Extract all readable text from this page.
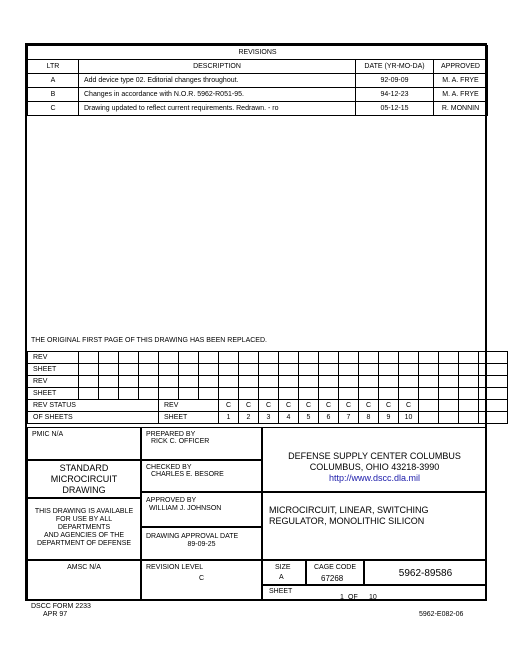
REVISIONS			
LTR	DESCRIPTION	DATE (YR-MO-DA)	APPROVED
A	Add device type 02. Editorial changes throughout.	92-09-09	M. A. FRYE
B	Changes in accordance with N.O.R. 5962-R051-95.	94-12-23	M. A. FRYE
C	Drawing updated to reflect current requirements. Redrawn. - ro	05-12-15	R. MONNIN
THE ORIGINAL FIRST PAGE OF THIS DRAWING HAS BEEN REPLACED.
REV																					
SHEET																					
REV																					
SHEET																					
REV STATUS					REV			C	C	C	C	C	C	C	C	C	C				
OF SHEETS					SHEET			1	2	3	4	5	6	7	8	9	10				
PMIC N/A
STANDARD
MICROCIRCUIT
DRAWING
THIS DRAWING IS AVAILABLE
FOR USE BY ALL
DEPARTMENTS
AND AGENCIES OF THE
DEPARTMENT OF DEFENSE
AMSC N/A
PREPARED BY
RICK C. OFFICER
CHECKED BY
CHARLES E. BESORE
APPROVED BY
WILLIAM J. JOHNSON
DRAWING APPROVAL DATE
89-09-25
REVISION LEVEL
C
DEFENSE SUPPLY CENTER COLUMBUS
COLUMBUS, OHIO 43218-3990
http://www.dscc.dla.mil
MICROCIRCUIT, LINEAR, SWITCHING
REGULATOR, MONOLITHIC SILICON
SIZE
A
CAGE CODE
67268	5962-89586
SHEET
1 OF 10
DSCC FORM 2233
APR 97	5962-E082-06
